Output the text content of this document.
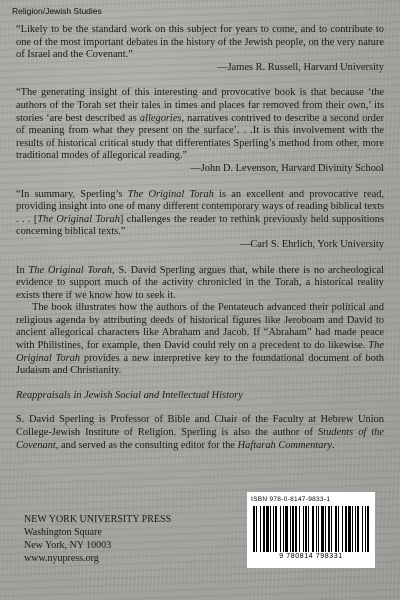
Religion/Jewish Studies

“Likely to be the standard work on this subject for years to come, and to contribute to one of the most important debates in the history of the Jewish people, on the very nature of Israel and the Covenant.”

—James R. Russell, Harvard University

“The generating insight of this interesting and provocative book is that because ‘the authors of the Torah set their tales in times and places far removed from their own,’ its stories ‘are best described as allegories, narratives contrived to describe a second order of meaning from what they present on the surface’. . .It is this involvement with the results of historical critical study that differentiates Sperling’s method from other, more traditional modes of allegorical reading.”

—John D. Levenson, Harvard Divinity School

“In summary, Sperling’s The Original Torah is an excellent and provocative read, providing insight into one of many different contemporary ways of reading biblical texts . . . [The Original Torah] challenges the reader to rethink previously held suppositions concerning biblical texts.”

—Carl S. Ehrlich, York University

In The Original Torah, S. David Sperling argues that, while there is no archeological evidence to support much of the activity chronicled in the Torah, a historical reality exists there if we know how to seek it.

The book illustrates how the authors of the Pentateuch advanced their political and religious agenda by attributing deeds of historical figures like Jeroboam and David to ancient allegorical characters like Abraham and Jacob. If “Abraham” had made peace with Philistines, for example, then David could rely on a precedent to do likewise. The Original Torah provides a new interpretive key to the foundational document of both Judaism and Christianity.

Reappraisals in Jewish Social and Intellectual History

S. David Sperling is Professor of Bible and Chair of the Faculty at Hebrew Union College-Jewish Institute of Religion. Sperling is also the author of Students of the Covenant, and served as the consulting editor for the Haftarah Commentary.

NEW YORK UNIVERSITY PRESS
Washington Square
New York, NY 10003
www.nyupress.org
ISBN 978-0-8147-9833-1
9 780814 798331
